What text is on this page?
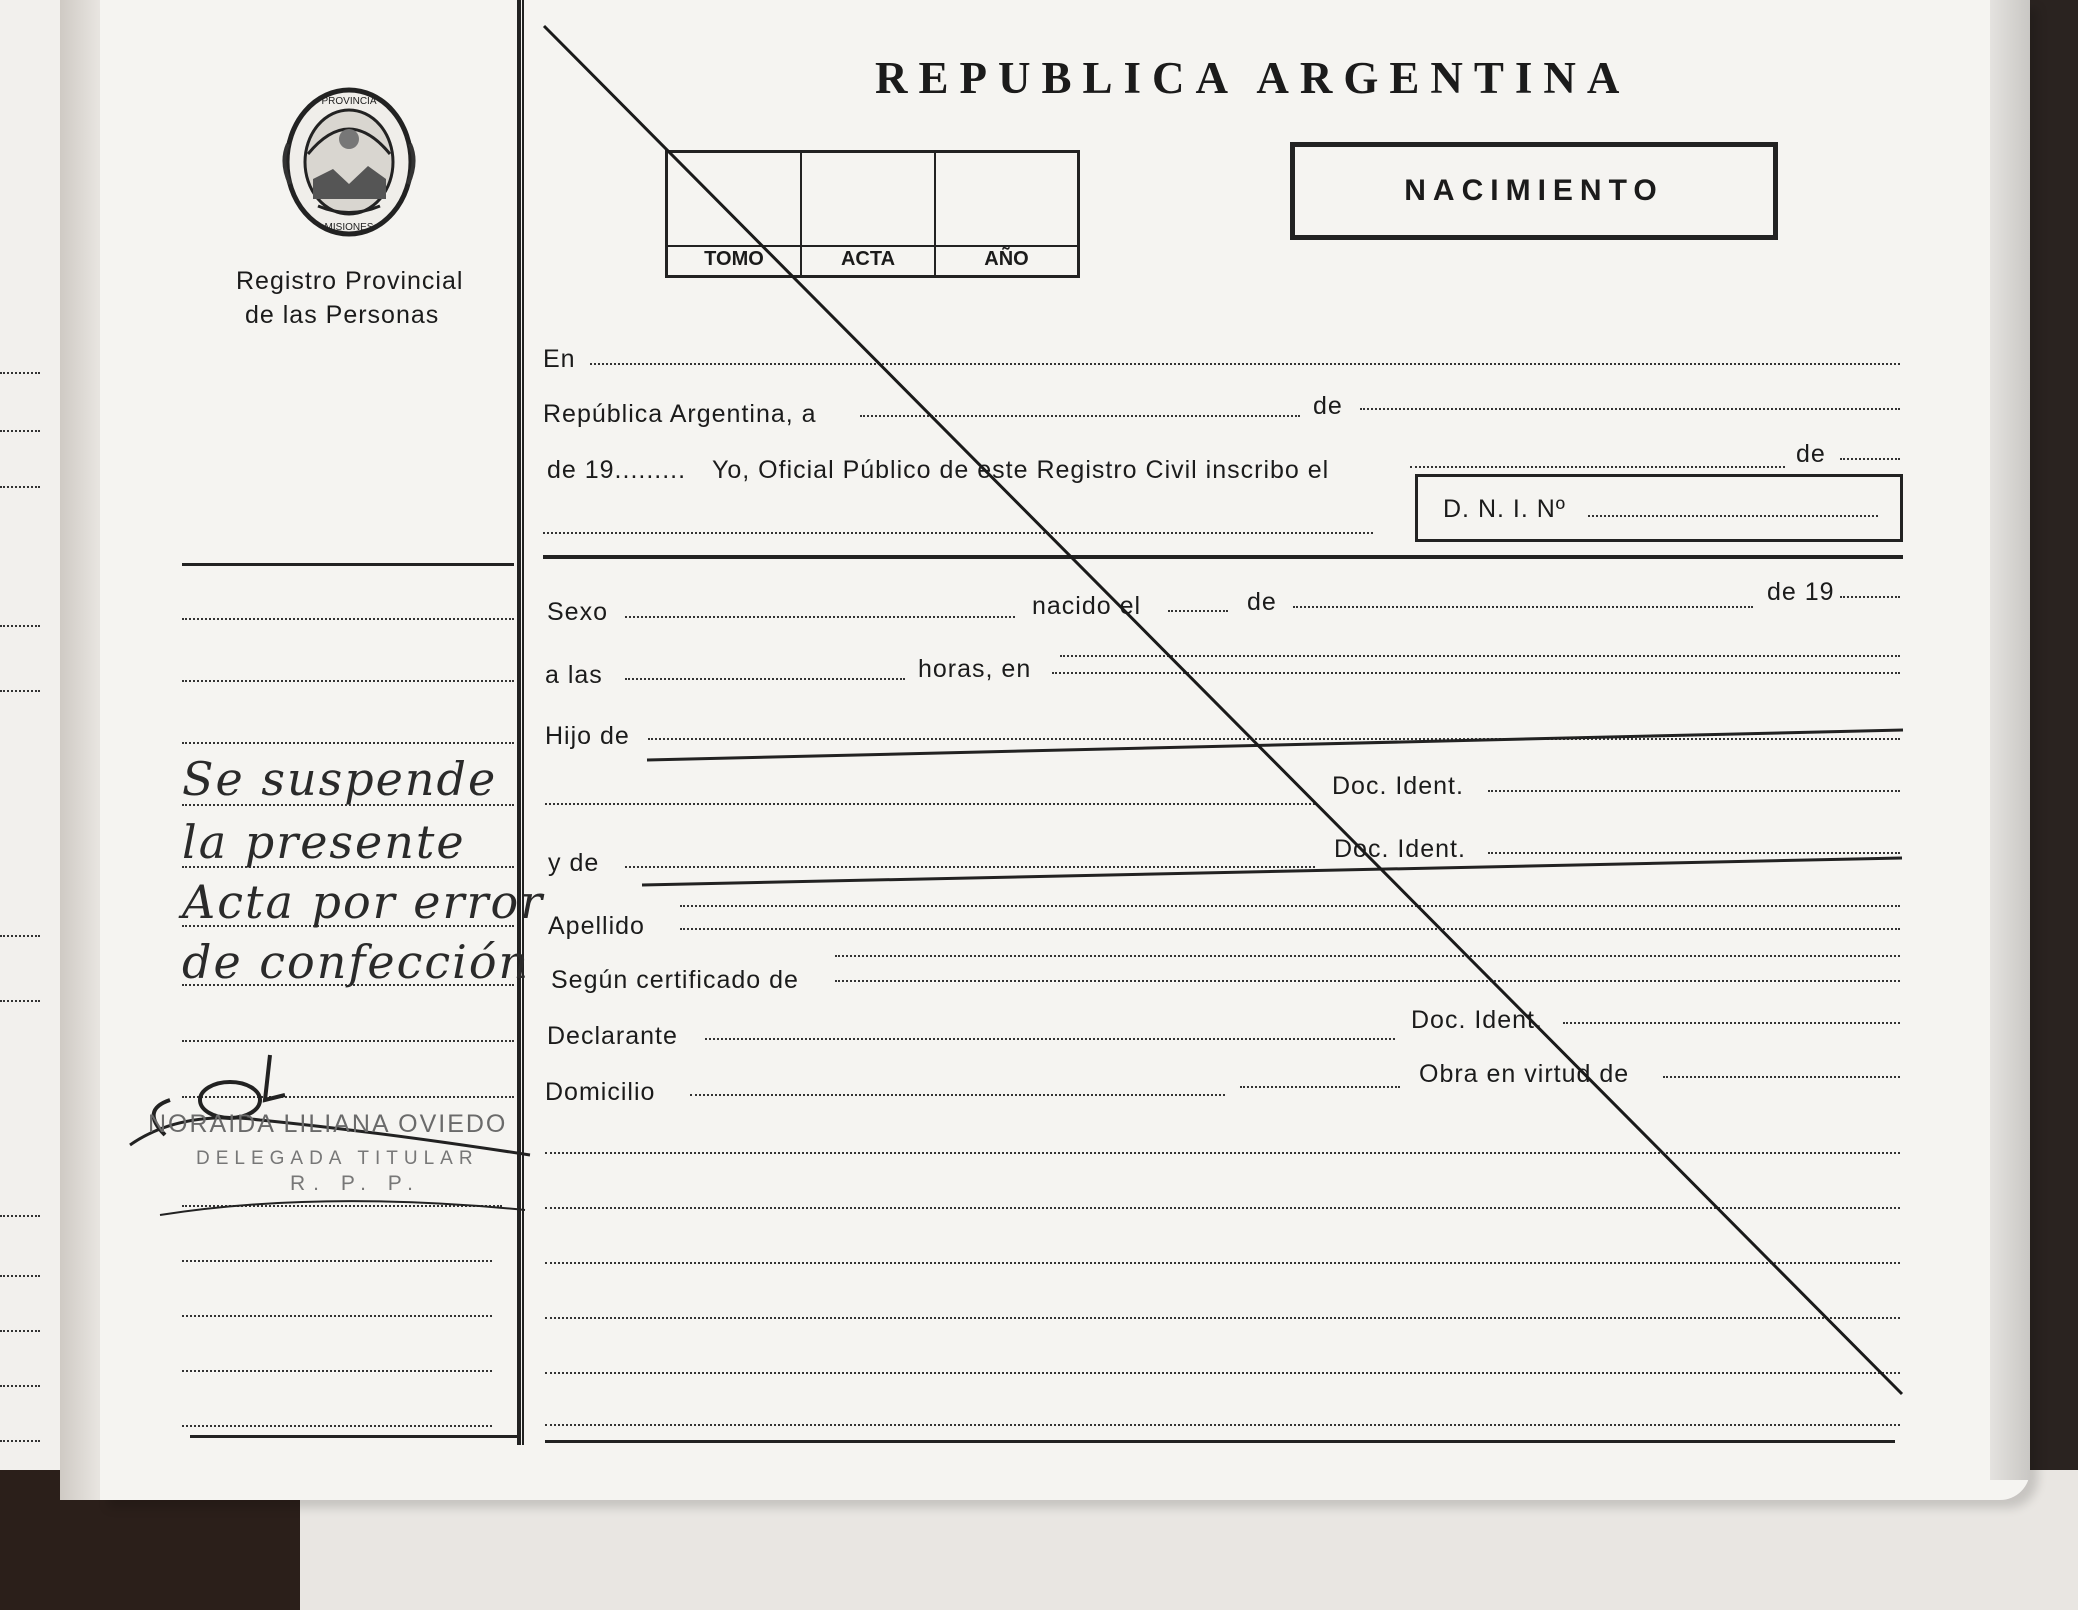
PROVINCIA
MISIONES
Registro Provincial
de las Personas
Se suspende
la presente
Acta por error
de confección
NORAIDA LILIANA OVIEDO
DELEGADA TITULAR
R. P. P.
REPUBLICA ARGENTINA
TOMO	ACTA	AÑO
NACIMIENTO
En
República Argentina, a	de
de 19......... Yo, Oficial Público de este Registro Civil inscribo el
de
D. N. I. Nº
Sexo	nacido el	de	de 19
a las	horas, en
Hijo de
Doc. Ident.
y de	Doc. Ident.
Apellido
Según certificado de
Declarante
Doc. Ident.
Domicilio
Obra en virtud de
